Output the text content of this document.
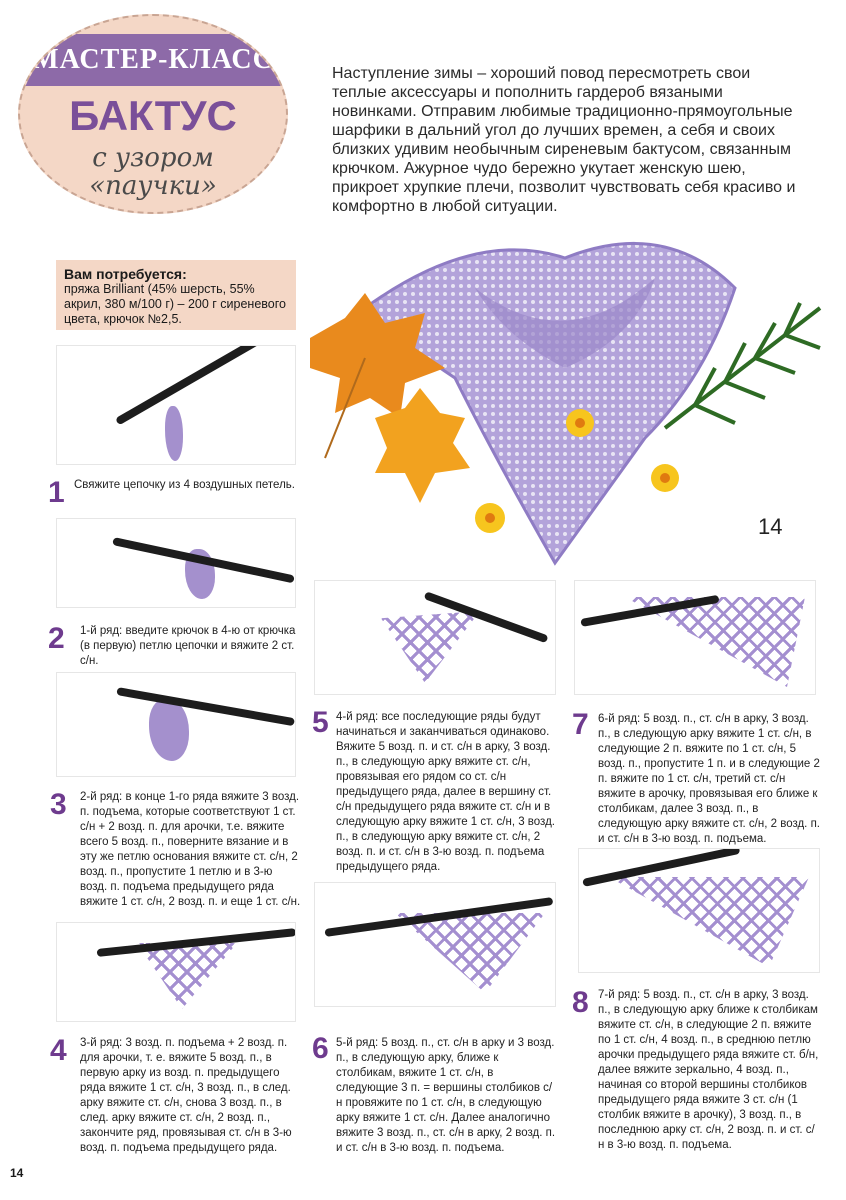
МАСТЕР-КЛАСС
БАКТУС
с узором
«паучки»
Наступление зимы – хороший повод пересмотреть свои теплые аксессуары и пополнить гардероб вязаными новинками. Отправим любимые традиционно-прямоугольные шарфики в дальний угол до лучших времен, а себя и своих близких удивим необычным сиреневым бактусом, связанным крючком. Ажурное чудо бережно укутает женскую шею, прикроет хрупкие плечи, позволит чувствовать себя красиво и комфортно в любой ситуации.
Вам потребуется:
пряжа Brilliant (45% шерсть, 55% акрил, 380 м/100 г) – 200 г сиреневого цвета, крючок №2,5.
14
1 Свяжите цепочку из 4 воздушных петель.
2 1-й ряд: введите крючок в 4-ю от крючка (в первую) петлю цепочки и вяжите 2 ст. с/н.
3 2-й ряд: в конце 1-го ряда вяжите 3 возд. п. подъема, которые соответствуют 1 ст. с/н + 2 возд. п. для арочки, т.е. вяжите всего 5 возд. п., поверните вязание и в эту же петлю основания вяжите ст. с/н, 2 возд. п., пропустите 1 петлю и в 3-ю возд. п. подъема предыдущего ряда вяжите 1 ст. с/н, 2 возд. п. и еще 1 ст. с/н.
4 3-й ряд: 3 возд. п. подъема + 2 возд. п. для арочки, т. е. вяжите 5 возд. п., в первую арку из возд. п. предыдущего ряда вяжите 1 ст. с/н, 3 возд. п., в след. арку вяжите ст. с/н, снова 3 возд. п., в след. арку вяжите ст. с/н, 2 возд. п., закончите ряд, провязывая ст. с/н в 3-ю возд. п. подъема предыдущего ряда.
5 4-й ряд: все последующие ряды будут начинаться и заканчиваться одинаково. Вяжите 5 возд. п. и ст. с/н в арку, 3 возд. п., в следующую арку вяжите ст. с/н, провязывая его рядом со ст. с/н предыдущего ряда, далее в вершину ст. с/н предыдущего ряда вяжите ст. с/н и в следующую арку вяжите 1 ст. с/н, 3 возд. п., в следующую арку вяжите ст. с/н, 2 возд. п. и ст. с/н в 3-ю возд. п. подъема предыдущего ряда.
6 5-й ряд: 5 возд. п., ст. с/н в арку и 3 возд. п., в следующую арку, ближе к столбикам, вяжите 1 ст. с/н, в следующие 3 п. = вершины столбиков с/н провяжите по 1 ст. с/н, в следующую арку вяжите 1 ст. с/н. Далее аналогично вяжите 3 возд. п., ст. с/н в арку, 2 возд. п. и ст. с/н в 3-ю возд. п. подъема.
7 6-й ряд: 5 возд. п., ст. с/н в арку, 3 возд. п., в следующую арку вяжите 1 ст. с/н, в следующие 2 п. вяжите по 1 ст. с/н, 5 возд. п., пропустите 1 п. и в следующие 2 п. вяжите по 1 ст. с/н, третий ст. с/н вяжите в арочку, провязывая его ближе к столбикам, далее 3 возд. п., в следующую арку вяжите ст. с/н, 2 возд. п. и ст. с/н в 3-ю возд. п. подъема.
8 7-й ряд: 5 возд. п., ст. с/н в арку, 3 возд. п., в следующую арку ближе к столбикам вяжите ст. с/н, в следующие 2 п. вяжите по 1 ст. с/н, 4 возд. п., в среднюю петлю арочки предыдущего ряда вяжите ст. б/н, далее вяжите зеркально, 4 возд. п., начиная со второй вершины столбиков предыдущего ряда вяжите 3 ст. с/н (1 столбик вяжите в арочку), 3 возд. п., в последнюю арку ст. с/н, 2 возд. п. и ст. с/н в 3-ю возд. п. подъема.
14
